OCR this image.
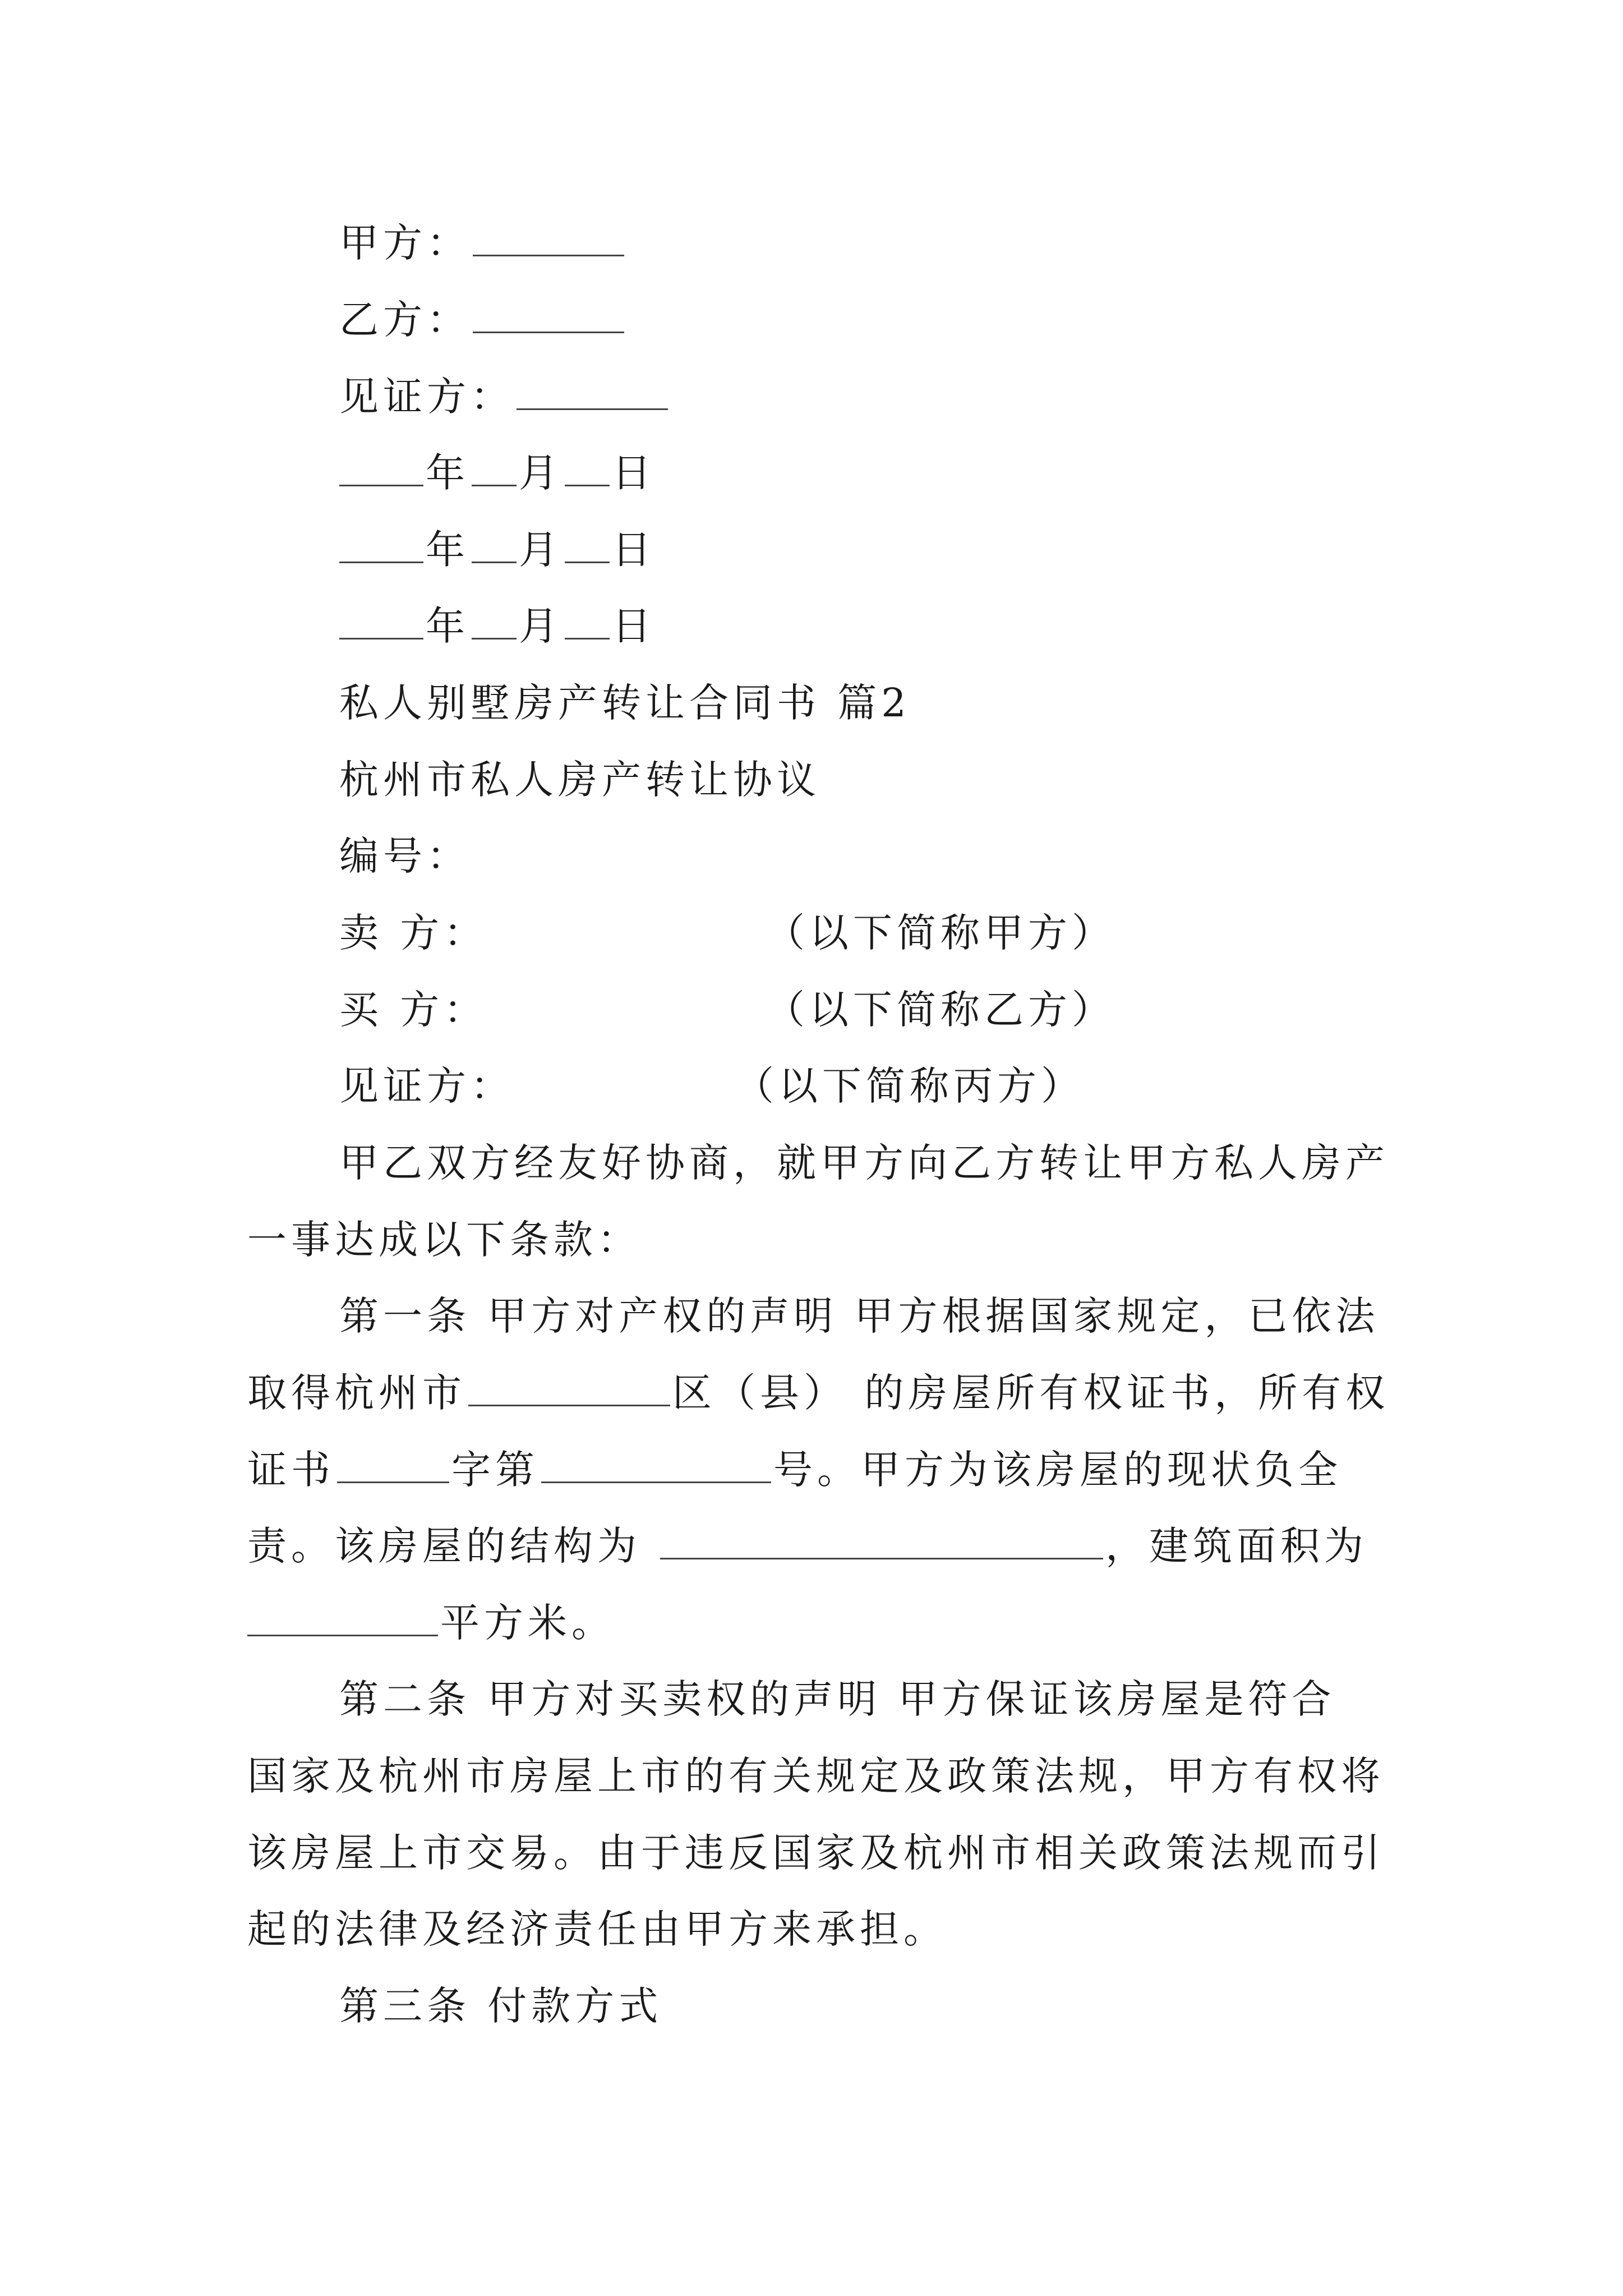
甲方：
乙方：
见证方：
年 月 日
年 月 日
年 月 日
私人别墅房产转让合同书 篇2
杭州市私人房产转让协议
编号：
卖 方：	（以下简称甲方）
买 方：	（以下简称乙方）
见证方：	（以下简称丙方）
甲乙双方经友好协商，就甲方向乙方转让甲方私人房产
一事达成以下条款：
第一条 甲方对产权的声明 甲方根据国家规定，已依法
取得杭州市	区（县） 的房屋所有权证书，所有权
证书	字第	号。甲方为该房屋的现状负全
责。该房屋的结构为	，建筑面积为
平方米。
第二条 甲方对买卖权的声明 甲方保证该房屋是符合
国家及杭州市房屋上市的有关规定及政策法规，甲方有权将
该房屋上市交易。由于违反国家及杭州市相关政策法规而引
起的法律及经济责任由甲方来承担。
第三条 付款方式
